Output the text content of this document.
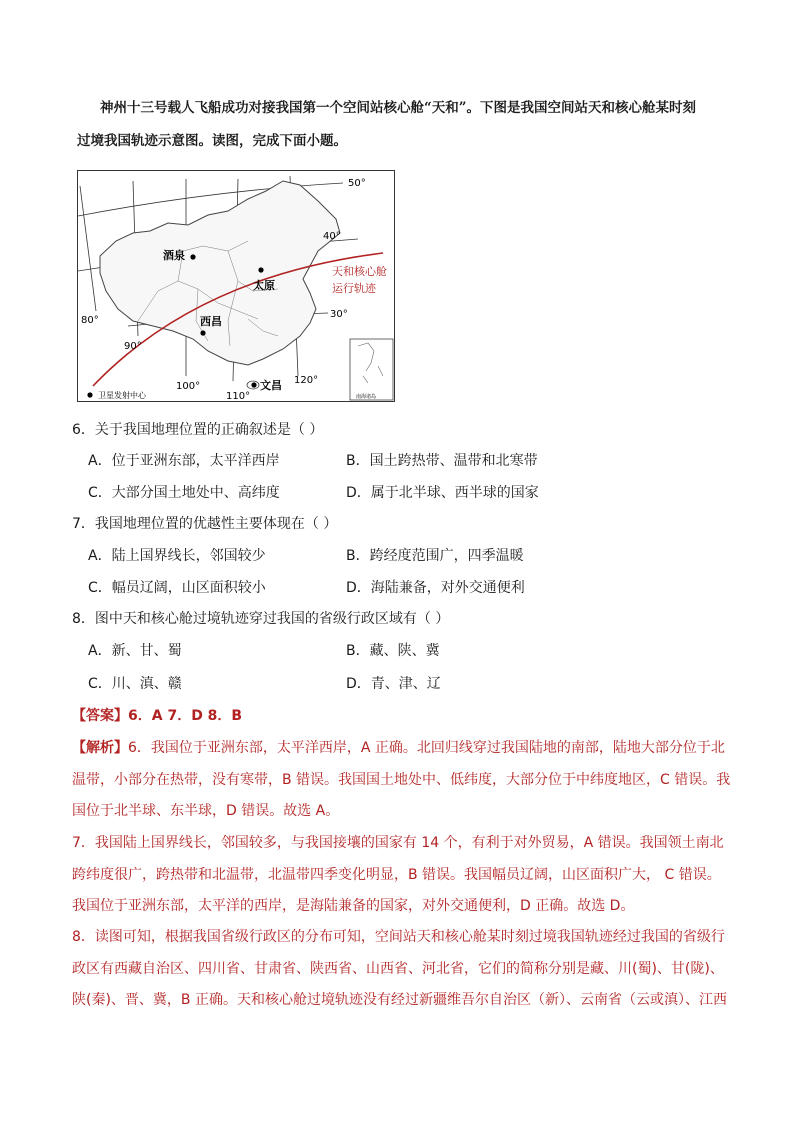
神州十三号载人飞船成功对接我国第一个空间站核心舱“天和”。下图是我国空间站天和核心舱某时刻
过境我国轨迹示意图。读图，完成下面小题。
酒泉
太原
西昌
文昌
50°
40°
30°
80°
90°
100°
110°
120°
天和核心舱
运行轨迹
卫星发射中心	南海诸岛
6．关于我国地理位置的正确叙述是（ ）
A．位于亚洲东部，太平洋西岸	B．国土跨热带、温带和北寒带
C．大部分国土地处中、高纬度	D．属于北半球、西半球的国家
7．我国地理位置的优越性主要体现在（ ）
A．陆上国界线长，邻国较少	B．跨经度范围广，四季温暖
C．幅员辽阔，山区面积较小	D．海陆兼备，对外交通便利
8．图中天和核心舱过境轨迹穿过我国的省级行政区域有（ ）
A．新、甘、蜀	B．藏、陕、冀
C．川、滇、赣	D．青、津、辽
【答案】6．A 7．D 8．B
【解析】6．我国位于亚洲东部，太平洋西岸，A 正确。北回归线穿过我国陆地的南部，陆地大部分位于北
温带，小部分在热带，没有寒带，B 错误。我国国土地处中、低纬度，大部分位于中纬度地区，C 错误。我
国位于北半球、东半球，D 错误。故选 A。
7．我国陆上国界线长，邻国较多，与我国接壤的国家有 14 个，有利于对外贸易，A 错误。我国领土南北
跨纬度很广，跨热带和北温带，北温带四季变化明显，B 错误。我国幅员辽阔，山区面积广大， C 错误。
我国位于亚洲东部，太平洋的西岸，是海陆兼备的国家，对外交通便利，D 正确。故选 D。
8．读图可知，根据我国省级行政区的分布可知，空间站天和核心舱某时刻过境我国轨迹经过我国的省级行
政区有西藏自治区、四川省、甘肃省、陕西省、山西省、河北省，它们的简称分别是藏、川(蜀)、甘(陇)、
陕(秦)、晋、冀，B 正确。天和核心舱过境轨迹没有经过新疆维吾尔自治区（新）、云南省（云或滇）、江西
